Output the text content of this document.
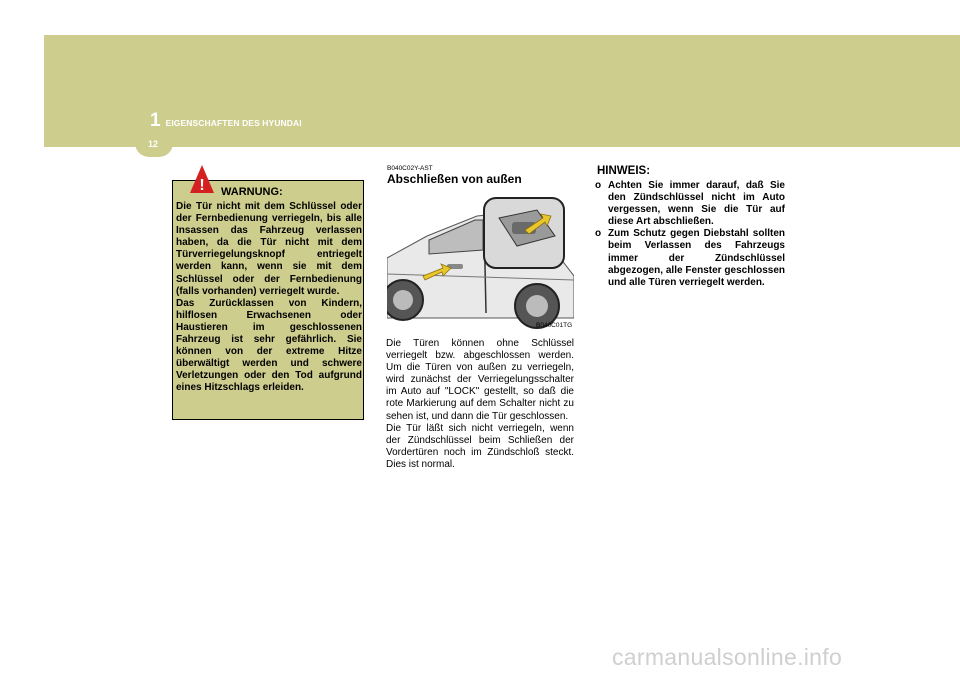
1 EIGENSCHAFTEN DES HYUNDAI
12
! WARNUNG:
Die Tür nicht mit dem Schlüssel oder der Fernbedienung verriegeln, bis alle Insassen das Fahrzeug verlassen haben, da die Tür nicht mit dem Türverriegelungsknopf entriegelt werden kann, wenn sie mit dem Schlüssel oder der Fernbedienung (falls vorhanden) verriegelt wurde.
Das Zurücklassen von Kindern, hilflosen Erwachsenen oder Haustieren im geschlossenen Fahrzeug ist sehr gefährlich. Sie können von der extreme Hitze überwältigt werden und schwere Verletzungen oder den Tod aufgrund eines Hitzschlags erleiden.
B040C02Y-AST
Abschließen von außen
B040C01TG
Die Türen können ohne Schlüssel verriegelt bzw. abgeschlossen werden. Um die Türen von außen zu verriegeln, wird zunächst der Verriegelungsschalter im Auto auf "LOCK" gestellt, so daß die rote Markierung auf dem Schalter nicht zu sehen ist, und dann die Tür geschlossen.
Die Tür läßt sich nicht verriegeln, wenn der Zündschlüssel beim Schließen der Vordertüren noch im Zündschloß steckt. Dies ist normal.
HINWEIS:
o Achten Sie immer darauf, daß Sie den Zündschlüssel nicht im Auto vergessen, wenn Sie die Tür auf diese Art abschließen.
o Zum Schutz gegen Diebstahl sollten beim Verlassen des Fahrzeugs immer der Zündschlüssel abgezogen, alle Fenster geschlossen und alle Türen verriegelt werden.
carmanualsonline.info
